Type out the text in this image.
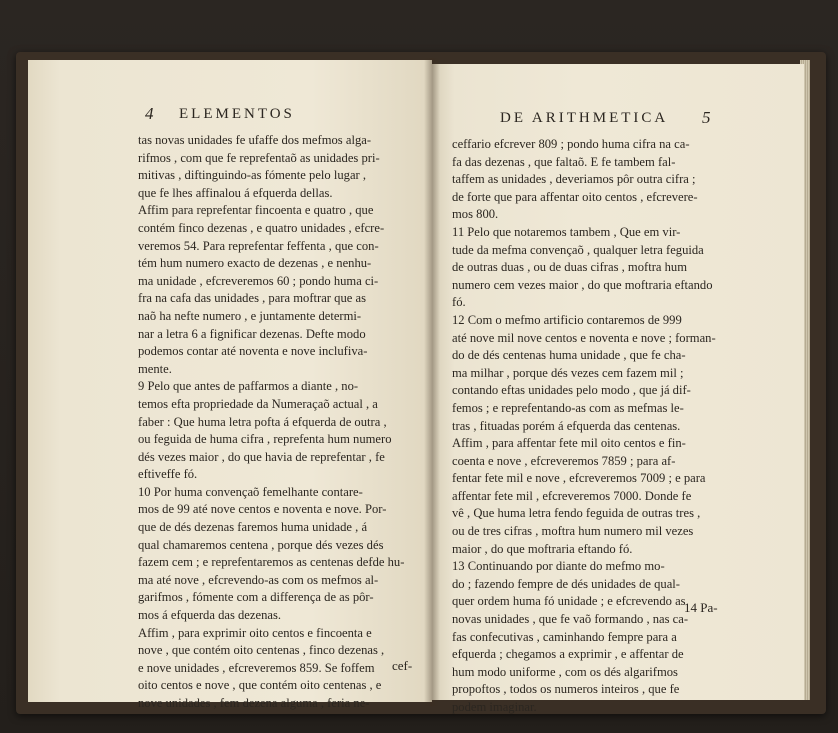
4 ELEMENTOS
tas novas unidades fe ufaffe dos mefmos alga-
rifmos , com que fe reprefentaõ as unidades pri-
mitivas , diftinguindo-as fómente pelo lugar ,
que fe lhes affinalou á efquerda dellas.
Affim para reprefentar fincoenta e quatro , que
contém finco dezenas , e quatro unidades , efcre-
veremos 54. Para reprefentar feffenta , que con-
tém hum numero exacto de dezenas , e nenhu-
ma unidade , efcreveremos 60 ; pondo huma ci-
fra na cafa das unidades , para moftrar que as
naõ ha nefte numero , e juntamente determi-
nar a letra 6 a fignificar dezenas. Defte modo
podemos contar até noventa e nove inclufiva-
mente.
9 Pelo que antes de paffarmos a diante , no-
temos efta propriedade da Numeraçaõ actual , a
faber : Que huma letra pofta á efquerda de outra ,
ou feguida de huma cifra , reprefenta hum numero
dés vezes maior , do que havia de reprefentar , fe
eftiveffe fó.
10 Por huma convençaõ femelhante contare-
mos de 99 até nove centos e noventa e nove. Por-
que de dés dezenas faremos huma unidade , á
qual chamaremos centena , porque dés vezes dés
fazem cem ; e reprefentaremos as centenas defde hu-
ma até nove , efcrevendo-as com os mefmos al-
garifmos , fómente com a differença de as pôr-
mos á efquerda das dezenas.
Affim , para exprimir oito centos e fincoenta e
nove , que contém oito centenas , finco dezenas ,
e nove unidades , efcreveremos 859. Se foffem
oito centos e nove , que contém oito centenas , e
nove unidades , fem dezena alguma , feria ne-
cef-
DE ARITHMETICA 5
ceffario efcrever 809 ; pondo huma cifra na ca-
fa das dezenas , que faltaõ. E fe tambem fal-
taffem as unidades , deveriamos pôr outra cifra ;
de forte que para affentar oito centos , efcrevere-
mos 800.
11 Pelo que notaremos tambem , Que em vir-
tude da mefma convençaõ , qualquer letra feguida
de outras duas , ou de duas cifras , moftra hum
numero cem vezes maior , do que moftraria eftando
fó.
12 Com o mefmo artificio contaremos de 999
até nove mil nove centos e noventa e nove ; forman-
do de dés centenas huma unidade , que fe cha-
ma milhar , porque dés vezes cem fazem mil ;
contando eftas unidades pelo modo , que já dif-
femos ; e reprefentando-as com as mefmas le-
tras , fituadas porém á efquerda das centenas.
Affim , para affentar fete mil oito centos e fin-
coenta e nove , efcreveremos 7859 ; para af-
fentar fete mil e nove , efcreveremos 7009 ; e para
affentar fete mil , efcreveremos 7000. Donde fe
vê , Que huma letra fendo feguida de outras tres ,
ou de tres cifras , moftra hum numero mil vezes
maior , do que moftraria eftando fó.
13 Continuando por diante do mefmo mo-
do ; fazendo fempre de dés unidades de qual-
quer ordem huma fó unidade ; e efcrevendo as
novas unidades , que fe vaõ formando , nas ca-
fas confecutivas , caminhando fempre para a
efquerda ; chegamos a exprimir , e affentar de
hum modo uniforme , com os dés algarifmos
propoftos , todos os numeros inteiros , que fe
podem imaginar.
14 Pa-
